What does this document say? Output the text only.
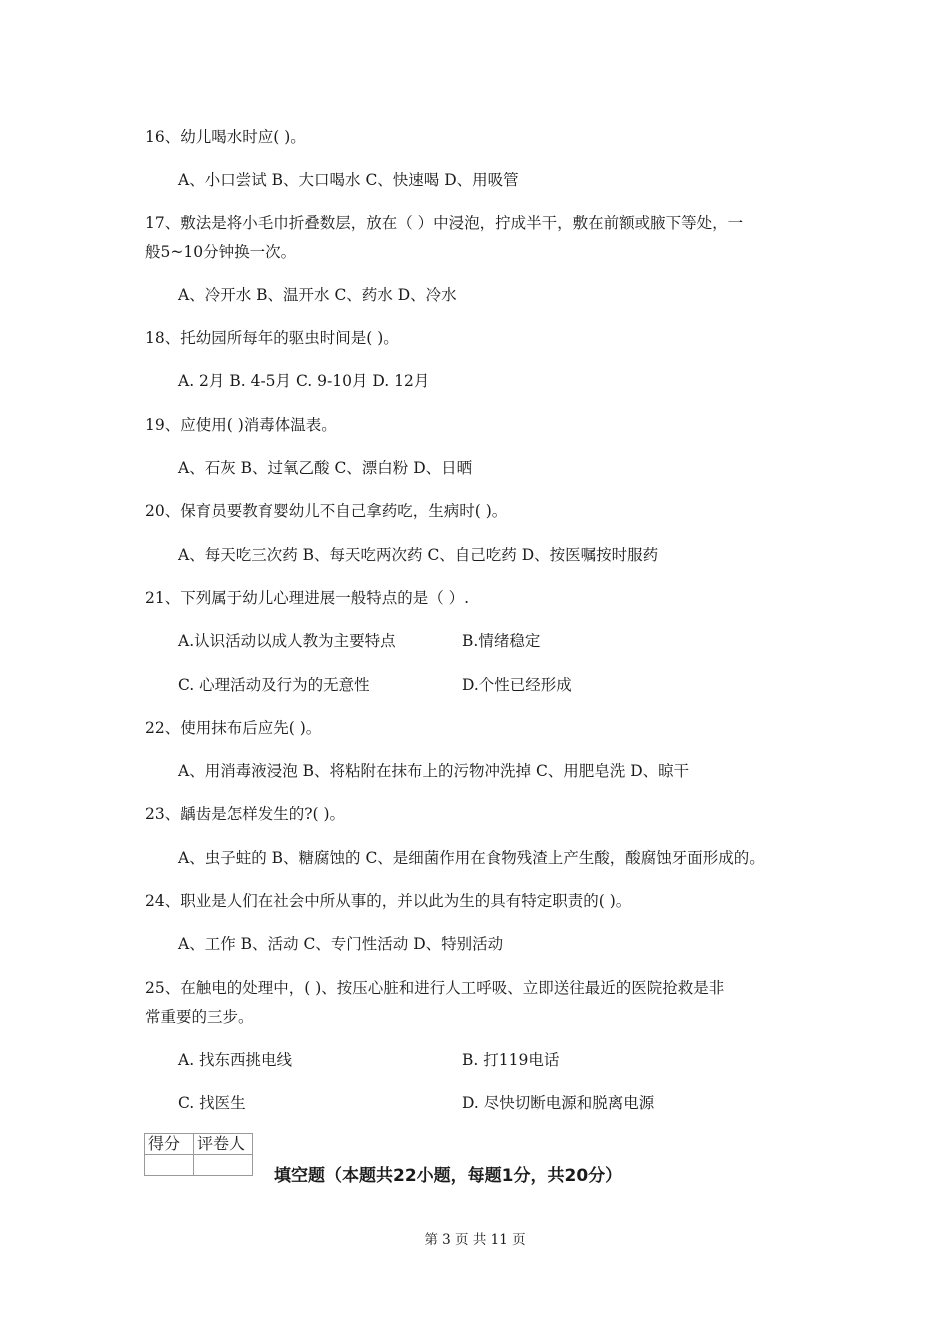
16、幼儿喝水时应( )。
A、小口尝试 B、大口喝水 C、快速喝 D、用吸管
17、敷法是将小毛巾折叠数层，放在（ ）中浸泡，拧成半干，敷在前额或腋下等处，一
般5~10分钟换一次。
A、冷开水 B、温开水 C、药水 D、冷水
18、托幼园所每年的驱虫时间是( )。
A. 2月 B. 4-5月 C. 9-10月 D. 12月
19、应使用( )消毒体温表。
A、石灰 B、过氧乙酸 C、漂白粉 D、日晒
20、保育员要教育婴幼儿不自己拿药吃，生病时( )。
A、每天吃三次药 B、每天吃两次药 C、自己吃药 D、按医嘱按时服药
21、下列属于幼儿心理进展一般特点的是（ ）.
A.认识活动以成人教为主要特点	B.情绪稳定
C. 心理活动及行为的无意性	D.个性已经形成
22、使用抹布后应先( )。
A、用消毒液浸泡 B、将粘附在抹布上的污物冲洗掉 C、用肥皂洗 D、晾干
23、龋齿是怎样发生的?( )。
A、虫子蛀的 B、糖腐蚀的 C、是细菌作用在食物残渣上产生酸，酸腐蚀牙面形成的。
24、职业是人们在社会中所从事的，并以此为生的具有特定职责的( )。
A、工作 B、活动 C、专门性活动 D、特别活动
25、在触电的处理中，( )、按压心脏和进行人工呼吸、立即送往最近的医院抢救是非
常重要的三步。
A. 找东西挑电线	B. 打119电话
C. 找医生	D. 尽快切断电源和脱离电源
得分	评卷人

填空题（本题共22小题，每题1分，共20分）
第 3 页 共 11 页
